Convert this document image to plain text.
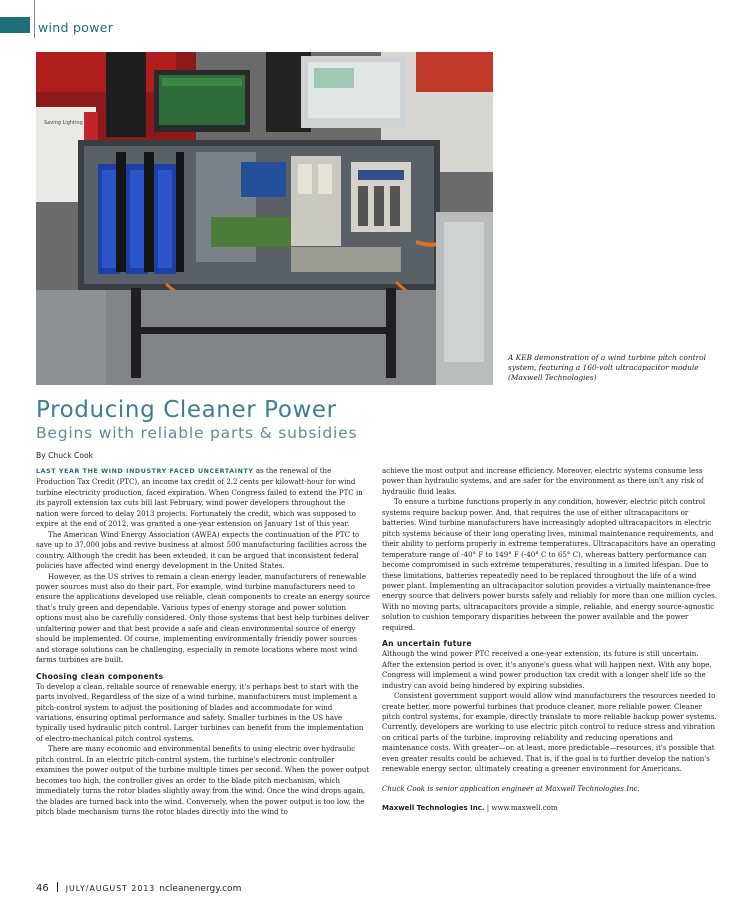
wind power
Saving Lighting
A KEB demonstration of a wind turbine pitch control system, featuring a 160-volt ultracapacitor module (Maxwell Technologies)
Producing Cleaner Power
Begins with reliable parts & subsidies
By Chuck Cook

LAST YEAR THE WIND INDUSTRY FACED UNCERTAINTY as the renewal of the Production Tax Credit (PTC), an income tax credit of 2.2 cents per kilowatt-hour for wind turbine electricity production, faced expiration. When Congress failed to extend the PTC in its payroll extension tax cuts bill last February, wind power developers throughout the nation were forced to delay 2013 projects. Fortunately the credit, which was supposed to expire at the end of 2012, was granted a one-year extension on January 1st of this year.

The American Wind Energy Association (AWEA) expects the continuation of the PTC to save up to 37,000 jobs and revive business at almost 500 manufacturing facilities across the country. Although the credit has been extended, it can be argued that inconsistent federal policies have affected wind energy development in the United States.

However, as the US strives to remain a clean energy leader, manufacturers of renewable power sources must also do their part. For example, wind turbine manufacturers need to ensure the applications developed use reliable, clean components to create an energy source that's truly green and dependable. Various types of energy storage and power solution options must also be carefully considered. Only those systems that best help turbines deliver unfaltering power and that best provide a safe and clean environmental source of energy should be implemented. Of course, implementing environmentally friendly power sources and storage solutions can be challenging, especially in remote locations where most wind farms turbines are built.

Choosing clean components

To develop a clean, reliable source of renewable energy, it's perhaps best to start with the parts involved. Regardless of the size of a wind turbine, manufacturers must implement a pitch-control system to adjust the positioning of blades and accommodate for wind variations, ensuring optimal performance and safety. Smaller turbines in the US have typically used hydraulic pitch control. Larger turbines can benefit from the implementation of electro-mechanical pitch control systems.

There are many economic and environmental benefits to using electric over hydraulic pitch control. In an electric pitch-control system, the turbine's electronic controller examines the power output of the turbine multiple times per second. When the power output becomes too high, the controller gives an order to the blade pitch mechanism, which immediately turns the rotor blades slightly away from the wind. Once the wind drops again, the blades are turned back into the wind. Conversely, when the power output is too low, the pitch blade mechanism turns the rotor blades directly into the wind to

achieve the most output and increase efficiency. Moreover, electric systems consume less power than hydraulic systems, and are safer for the environment as there isn't any risk of hydraulic fluid leaks.

To ensure a turbine functions properly in any condition, however, electric pitch control systems require backup power. And, that requires the use of either ultracapacitors or batteries. Wind turbine manufacturers have increasingly adopted ultracapacitors in electric pitch systems because of their long operating lives, minimal maintenance requirements, and their ability to perform properly in extreme temperatures. Ultracapacitors have an operating temperature range of -40° F to 149° F (-40° C to 65° C), whereas battery performance can become compromised in such extreme temperatures, resulting in a limited lifespan. Due to these limitations, batteries repeatedly need to be replaced throughout the life of a wind power plant. Implementing an ultracapacitor solution provides a virtually maintenance-free energy source that delivers power bursts safely and reliably for more than one million cycles. With no moving parts, ultracapacitors provide a simple, reliable, and energy source-agnostic solution to cushion temporary disparities between the power available and the power required.

An uncertain future

Although the wind power PTC received a one-year extension, its future is still uncertain. After the extension period is over, it's anyone's guess what will happen next. With any hope, Congress will implement a wind power production tax credit with a longer shelf life so the industry can avoid being hindered by expiring subsidies.

Consistent government support would allow wind manufacturers the resources needed to create better, more powerful turbines that produce cleaner, more reliable power. Cleaner pitch control systems, for example, directly translate to more reliable backup power systems. Currently, developers are working to use electric pitch control to reduce stress and vibration on critical parts of the turbine, improving reliability and reducing operations and maintenance costs. With greater—or, at least, more predictable—resources, it's possible that even greater results could be achieved. That is, if the goal is to further develop the nation's renewable energy sector, ultimately creating a greener environment for Americans.

Chuck Cook is senior application engineer at Maxwell Technologies Inc.

Maxwell Technologies Inc. | www.maxwell.com

46 JULY/AUGUST 2013 ncleanenergy.com
